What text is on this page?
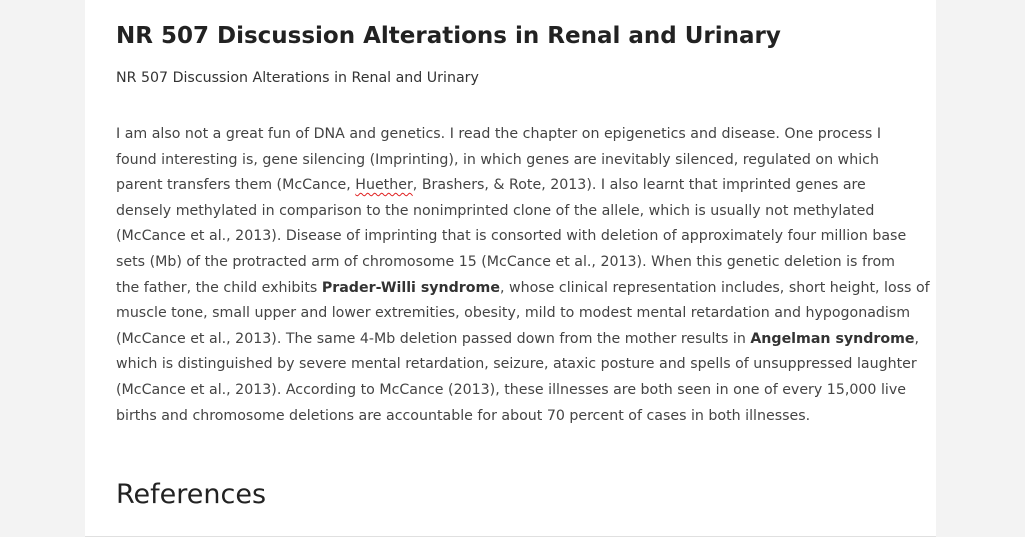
NR 507 Discussion Alterations in Renal and Urinary

NR 507 Discussion Alterations in Renal and Urinary

I am also not a great fun of DNA and genetics. I read the chapter on epigenetics and disease. One process I
found interesting is, gene silencing (Imprinting), in which genes are inevitably silenced, regulated on which
parent transfers them (McCance, Huether, Brashers, & Rote, 2013). I also learnt that imprinted genes are
densely methylated in comparison to the nonimprinted clone of the allele, which is usually not methylated
(McCance et al., 2013). Disease of imprinting that is consorted with deletion of approximately four million base
sets (Mb) of the protracted arm of chromosome 15 (McCance et al., 2013). When this genetic deletion is from
the father, the child exhibits Prader-Willi syndrome, whose clinical representation includes, short height, loss of
muscle tone, small upper and lower extremities, obesity, mild to modest mental retardation and hypogonadism
(McCance et al., 2013). The same 4-Mb deletion passed down from the mother results in Angelman syndrome,
which is distinguished by severe mental retardation, seizure, ataxic posture and spells of unsuppressed laughter
(McCance et al., 2013). According to McCance (2013), these illnesses are both seen in one of every 15,000 live
births and chromosome deletions are accountable for about 70 percent of cases in both illnesses.

References
